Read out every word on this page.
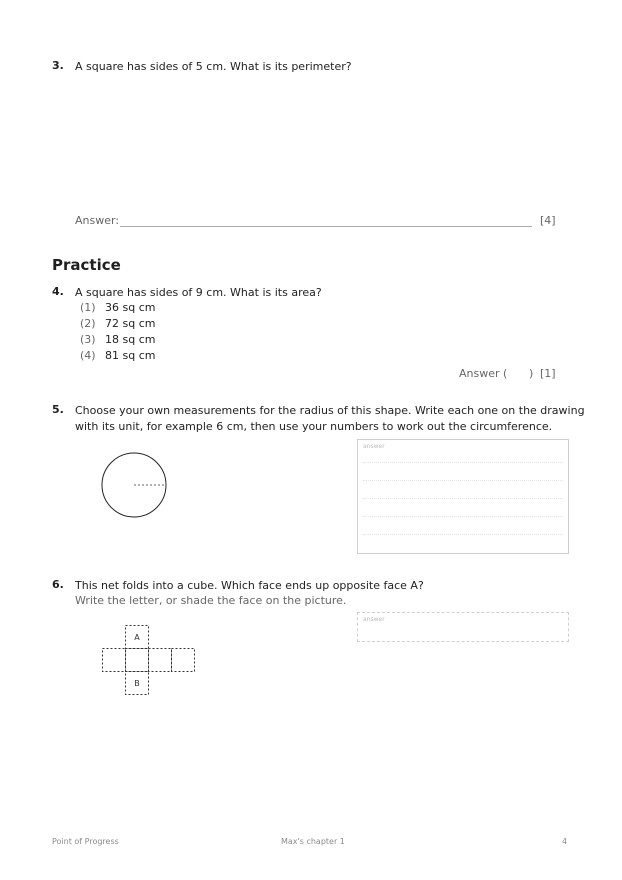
3. A square has sides of 5 cm. What is its perimeter?
Answer:	[4]
Practice
4. A square has sides of 9 cm. What is its area?
(1) 36 sq cm
(2) 72 sq cm
(3) 18 sq cm
(4) 81 sq cm
Answer ( ) [1]
5. Choose your own measurements for the radius of this shape. Write each one on the drawing
with its unit, for example 6 cm, then use your numbers to work out the circumference.
answer
6. This net folds into a cube. Which face ends up opposite face A?
Write the letter, or shade the face on the picture.
answer
A
B
Point of Progress	Max's chapter 1	4
